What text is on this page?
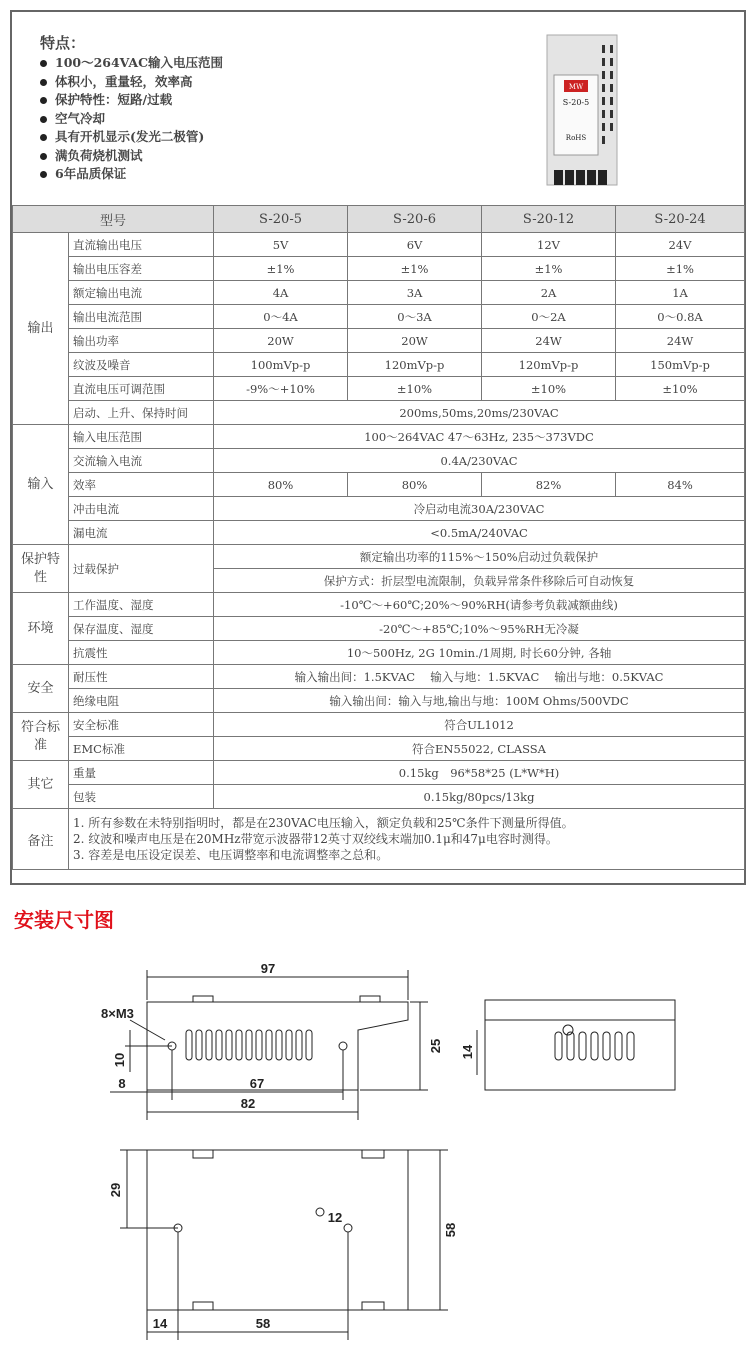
特点：
100～264VAC输入电压范围
体积小，重量轻，效率高
保护特性：短路/过载
空气冷却
具有开机显示(发光二极管)
满负荷烧机测试
6年品质保证
MW
S-20-5
RoHS
型号		S-20-5	S-20-6	S-20-12	S-20-24
输出	直流输出电压	5V	6V	12V	24V
	输出电压容差	±1%	±1%	±1%	±1%
	额定输出电流	4A	3A	2A	1A
	输出电流范围	0～4A	0～3A	0～2A	0～0.8A
	输出功率	20W	20W	24W	24W
	纹波及噪音	100mVp-p	120mVp-p	120mVp-p	150mVp-p
	直流电压可调范围	-9%～+10%	±10%	±10%	±10%
	启动、上升、保持时间	200ms,50ms,20ms/230VAC			
输入	输入电压范围	100～264VAC 47～63Hz, 235～373VDC			
	交流输入电流	0.4A/230VAC			
	效率	80%	80%	82%	84%
	冲击电流	冷启动电流30A/230VAC			
	漏电流	<0.5mA/240VAC			
保护特性	过载保护	额定输出功率的115%～150%启动过负载保护			
		保护方式：折层型电流限制，负载异常条件移除后可自动恢复			
环境	工作温度、湿度	-10℃～+60℃;20%～90%RH(请参考负载减额曲线)			
	保存温度、湿度	-20℃～+85℃;10%～95%RH无冷凝			
	抗震性	10～500Hz, 2G 10min./1周期, 时长60分钟, 各轴			
安全	耐压性	输入输出间：1.5KVAC　 输入与地：1.5KVAC　 输出与地：0.5KVAC			
	绝缘电阻	输入输出间：输入与地,输出与地：100M Ohms/500VDC			
符合标准	安全标准	符合UL1012			
	EMC标准	符合EN55022, CLASSA			
其它	重量	0.15kg　96*58*25 (L*W*H)			
	包装	0.15kg/80pcs/13kg			
备注	1. 所有参数在未特别指明时，都是在230VAC电压输入，额定负载和25℃条件下测量所得值。
2. 纹波和噪声电压是在20MHz带宽示波器带12英寸双绞线末端加0.1μ和47μ电容时测得。
3. 容差是电压设定误差、电压调整率和电流调整率之总和。				
安装尺寸图
97
8×M3
25
10
8	67
82
14
29
12
58
14	58
